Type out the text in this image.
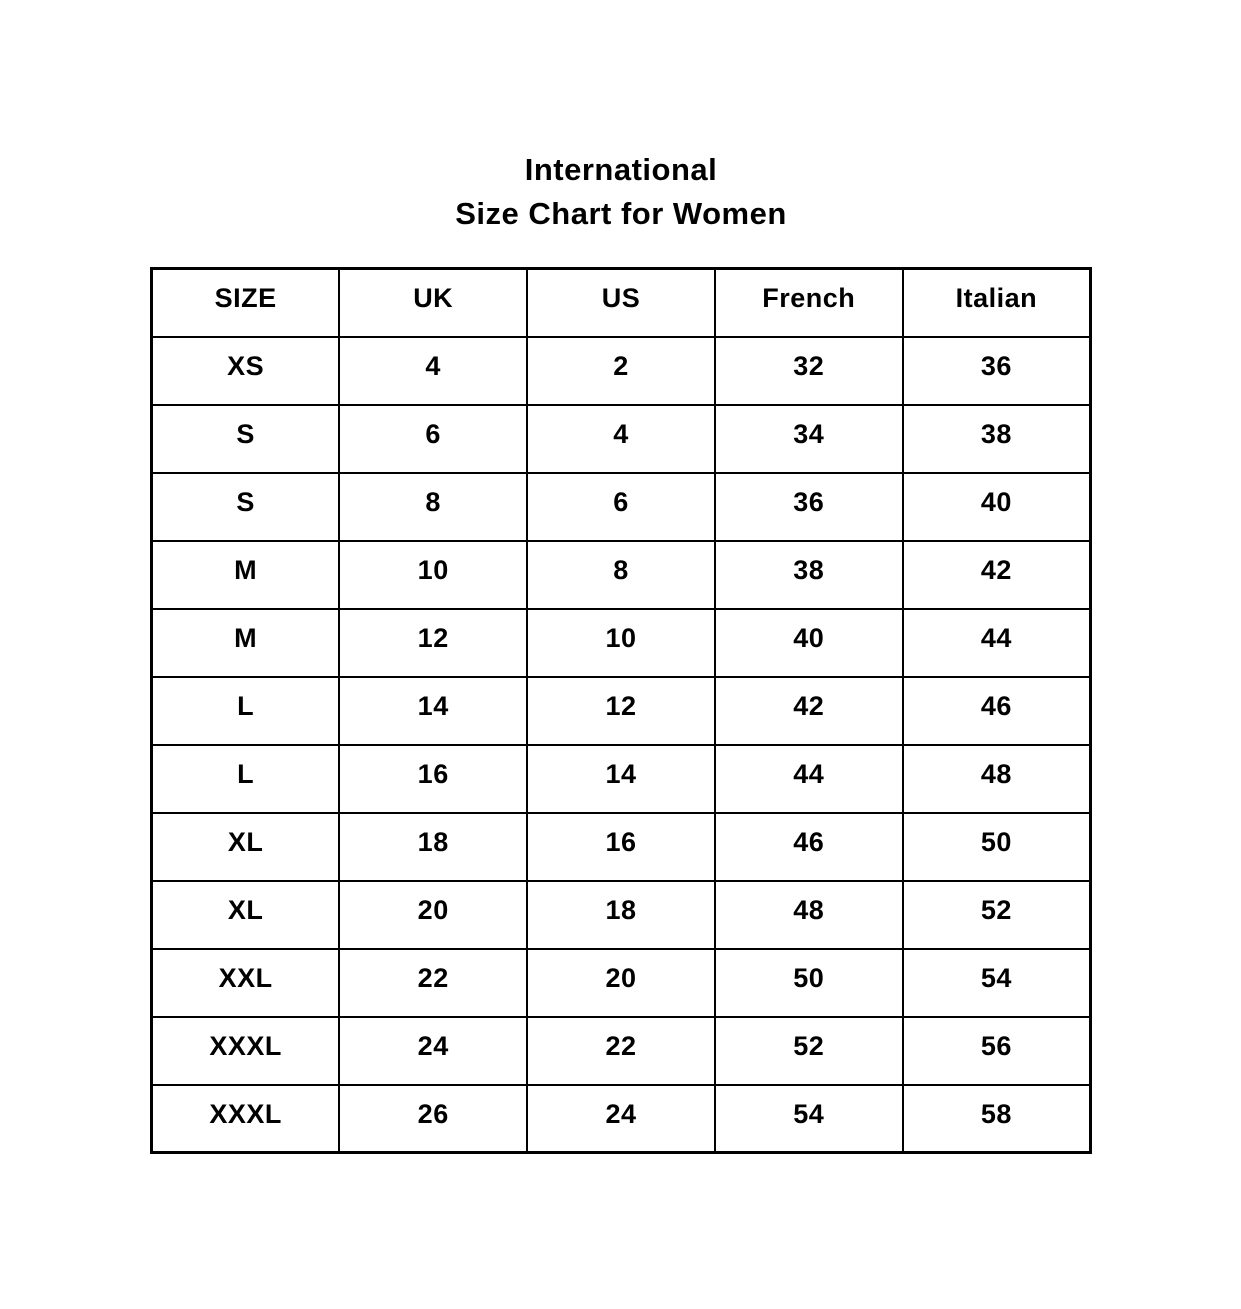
International
Size Chart for Women
SIZE	UK	US	French	Italian
XS	4	2	32	36
S	6	4	34	38
S	8	6	36	40
M	10	8	38	42
M	12	10	40	44
L	14	12	42	46
L	16	14	44	48
XL	18	16	46	50
XL	20	18	48	52
XXL	22	20	50	54
XXXL	24	22	52	56
XXXL	26	24	54	58
